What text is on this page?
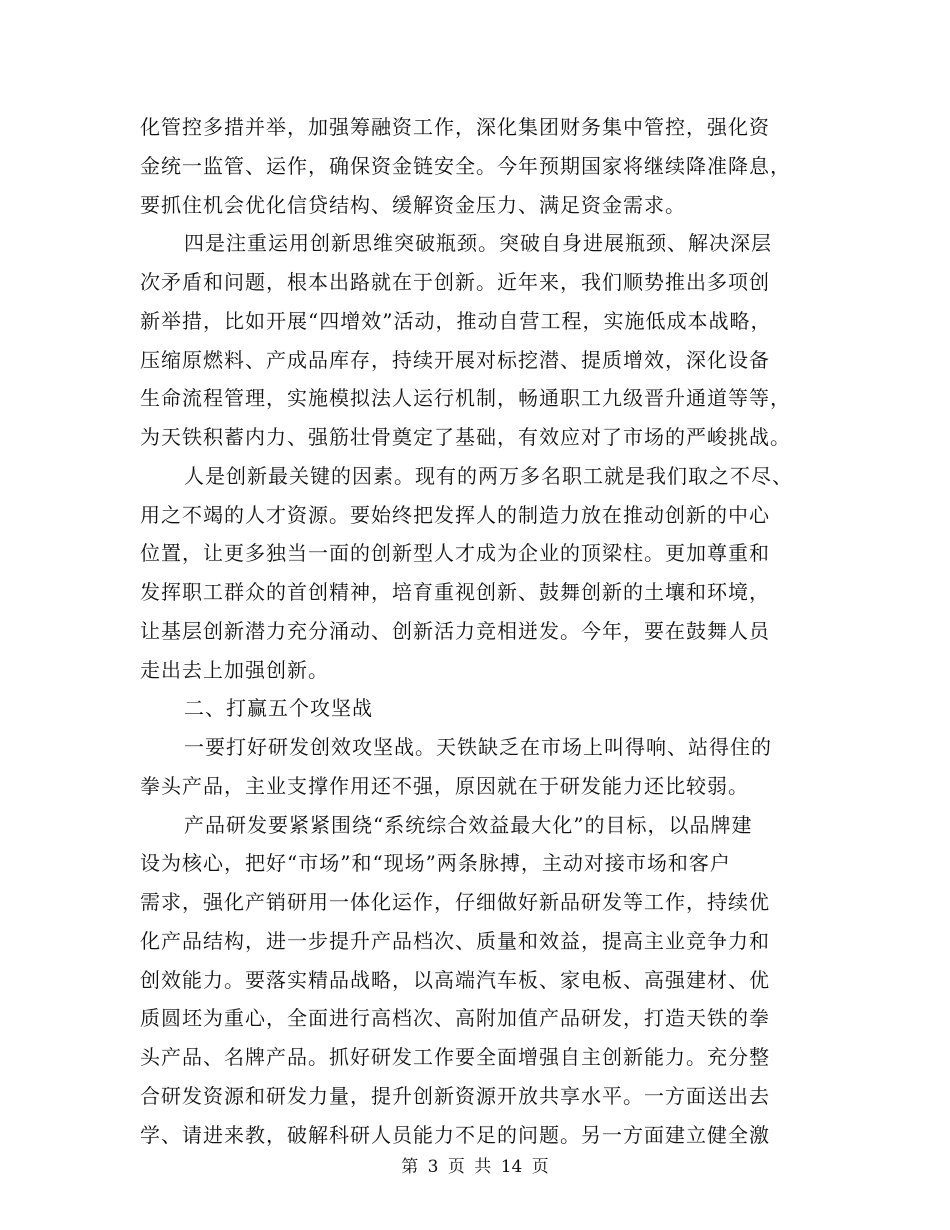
化管控多措并举，加强筹融资工作，深化集团财务集中管控，强化资
金统一监管、运作，确保资金链安全。今年预期国家将继续降准降息，
要抓住机会优化信贷结构、缓解资金压力、满足资金需求。
四是注重运用创新思维突破瓶颈。突破自身进展瓶颈、解决深层
次矛盾和问题，根本出路就在于创新。近年来，我们顺势推出多项创
新举措，比如开展“四增效”活动，推动自营工程，实施低成本战略，
压缩原燃料、产成品库存，持续开展对标挖潜、提质增效，深化设备
生命流程管理，实施模拟法人运行机制，畅通职工九级晋升通道等等，
为天铁积蓄内力、强筋壮骨奠定了基础，有效应对了市场的严峻挑战。
人是创新最关键的因素。现有的两万多名职工就是我们取之不尽、
用之不竭的人才资源。要始终把发挥人的制造力放在推动创新的中心
位置，让更多独当一面的创新型人才成为企业的顶梁柱。更加尊重和
发挥职工群众的首创精神，培育重视创新、鼓舞创新的土壤和环境，
让基层创新潜力充分涌动、创新活力竞相迸发。今年，要在鼓舞人员
走出去上加强创新。
二、打赢五个攻坚战
一要打好研发创效攻坚战。天铁缺乏在市场上叫得响、站得住的
拳头产品，主业支撑作用还不强，原因就在于研发能力还比较弱。
产品研发要紧紧围绕“系统综合效益最大化”的目标，以品牌建
设为核心，把好“市场”和“现场”两条脉搏，主动对接市场和客户
需求，强化产销研用一体化运作，仔细做好新品研发等工作，持续优
化产品结构，进一步提升产品档次、质量和效益，提高主业竞争力和
创效能力。要落实精品战略，以高端汽车板、家电板、高强建材、优
质圆坯为重心，全面进行高档次、高附加值产品研发，打造天铁的拳
头产品、名牌产品。抓好研发工作要全面增强自主创新能力。充分整
合研发资源和研发力量，提升创新资源开放共享水平。一方面送出去
学、请进来教，破解科研人员能力不足的问题。另一方面建立健全激
第 3 页 共 14 页
